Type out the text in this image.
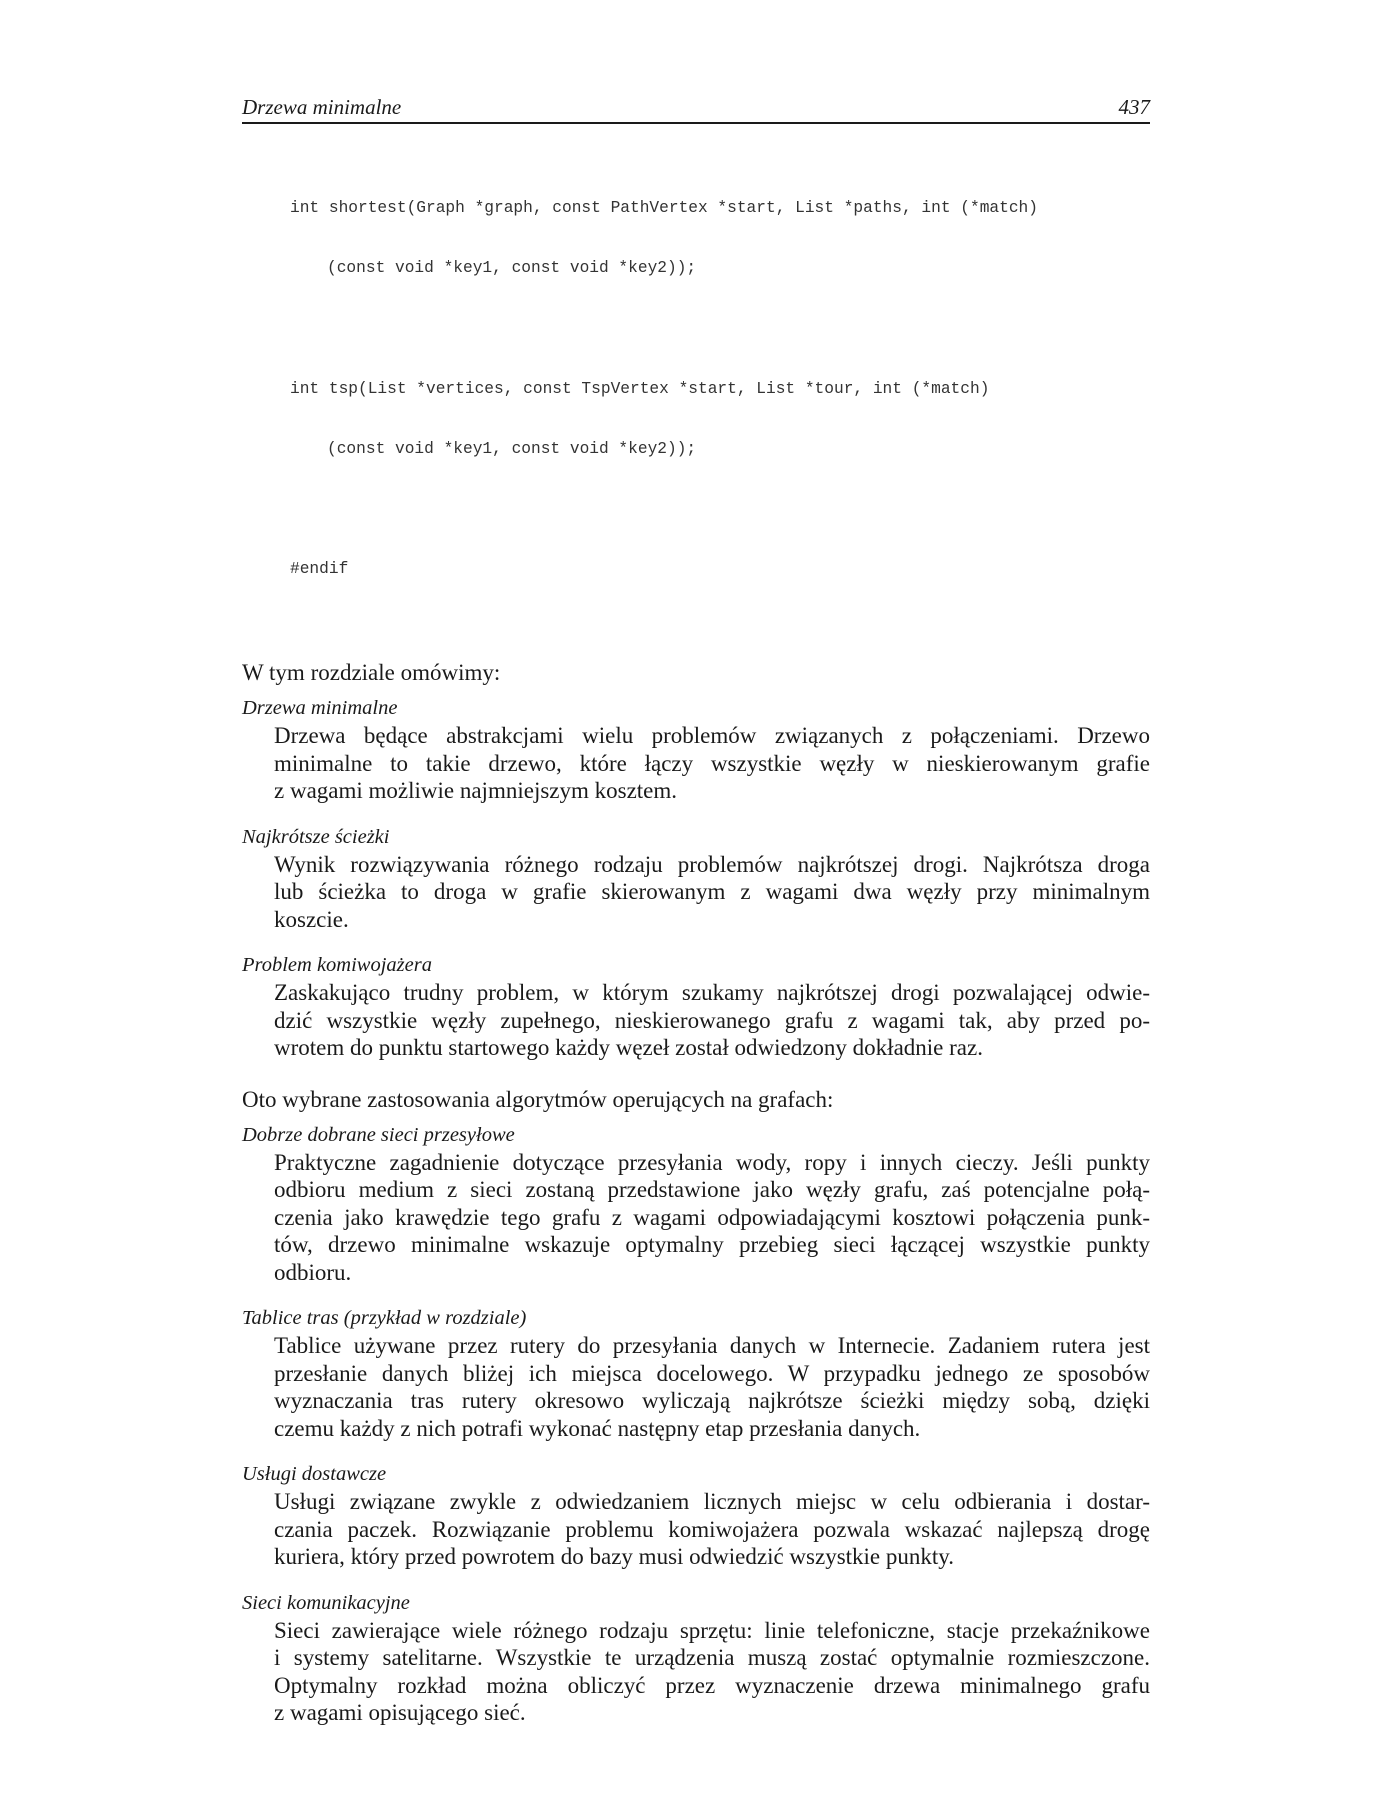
Drzewa minimalne	437

int shortest(Graph *graph, const PathVertex *start, List *paths, int (*match)

(const void *key1, const void *key2));

int tsp(List *vertices, const TspVertex *start, List *tour, int (*match)

(const void *key1, const void *key2));

#endif

W tym rozdziale omówimy:
Drzewa minimalne
Drzewa będące abstrakcjami wielu problemów związanych z połączeniami. Drzewo
minimalne to takie drzewo, które łączy wszystkie węzły w nieskierowanym grafie
z wagami możliwie najmniejszym kosztem.
Najkrótsze ścieżki
Wynik rozwiązywania różnego rodzaju problemów najkrótszej drogi. Najkrótsza droga
lub ścieżka to droga w grafie skierowanym z wagami dwa węzły przy minimalnym
koszcie.
Problem komiwojażera
Zaskakująco trudny problem, w którym szukamy najkrótszej drogi pozwalającej odwie-
dzić wszystkie węzły zupełnego, nieskierowanego grafu z wagami tak, aby przed po-
wrotem do punktu startowego każdy węzeł został odwiedzony dokładnie raz.
Oto wybrane zastosowania algorytmów operujących na grafach:
Dobrze dobrane sieci przesyłowe
Praktyczne zagadnienie dotyczące przesyłania wody, ropy i innych cieczy. Jeśli punkty
odbioru medium z sieci zostaną przedstawione jako węzły grafu, zaś potencjalne połą-
czenia jako krawędzie tego grafu z wagami odpowiadającymi kosztowi połączenia punk-
tów, drzewo minimalne wskazuje optymalny przebieg sieci łączącej wszystkie punkty
odbioru.
Tablice tras (przykład w rozdziale)
Tablice używane przez rutery do przesyłania danych w Internecie. Zadaniem rutera jest
przesłanie danych bliżej ich miejsca docelowego. W przypadku jednego ze sposobów
wyznaczania tras rutery okresowo wyliczają najkrótsze ścieżki między sobą, dzięki
czemu każdy z nich potrafi wykonać następny etap przesłania danych.
Usługi dostawcze
Usługi związane zwykle z odwiedzaniem licznych miejsc w celu odbierania i dostar-
czania paczek. Rozwiązanie problemu komiwojażera pozwala wskazać najlepszą drogę
kuriera, który przed powrotem do bazy musi odwiedzić wszystkie punkty.
Sieci komunikacyjne
Sieci zawierające wiele różnego rodzaju sprzętu: linie telefoniczne, stacje przekaźnikowe
i systemy satelitarne. Wszystkie te urządzenia muszą zostać optymalnie rozmieszczone.
Optymalny rozkład można obliczyć przez wyznaczenie drzewa minimalnego grafu
z wagami opisującego sieć.
